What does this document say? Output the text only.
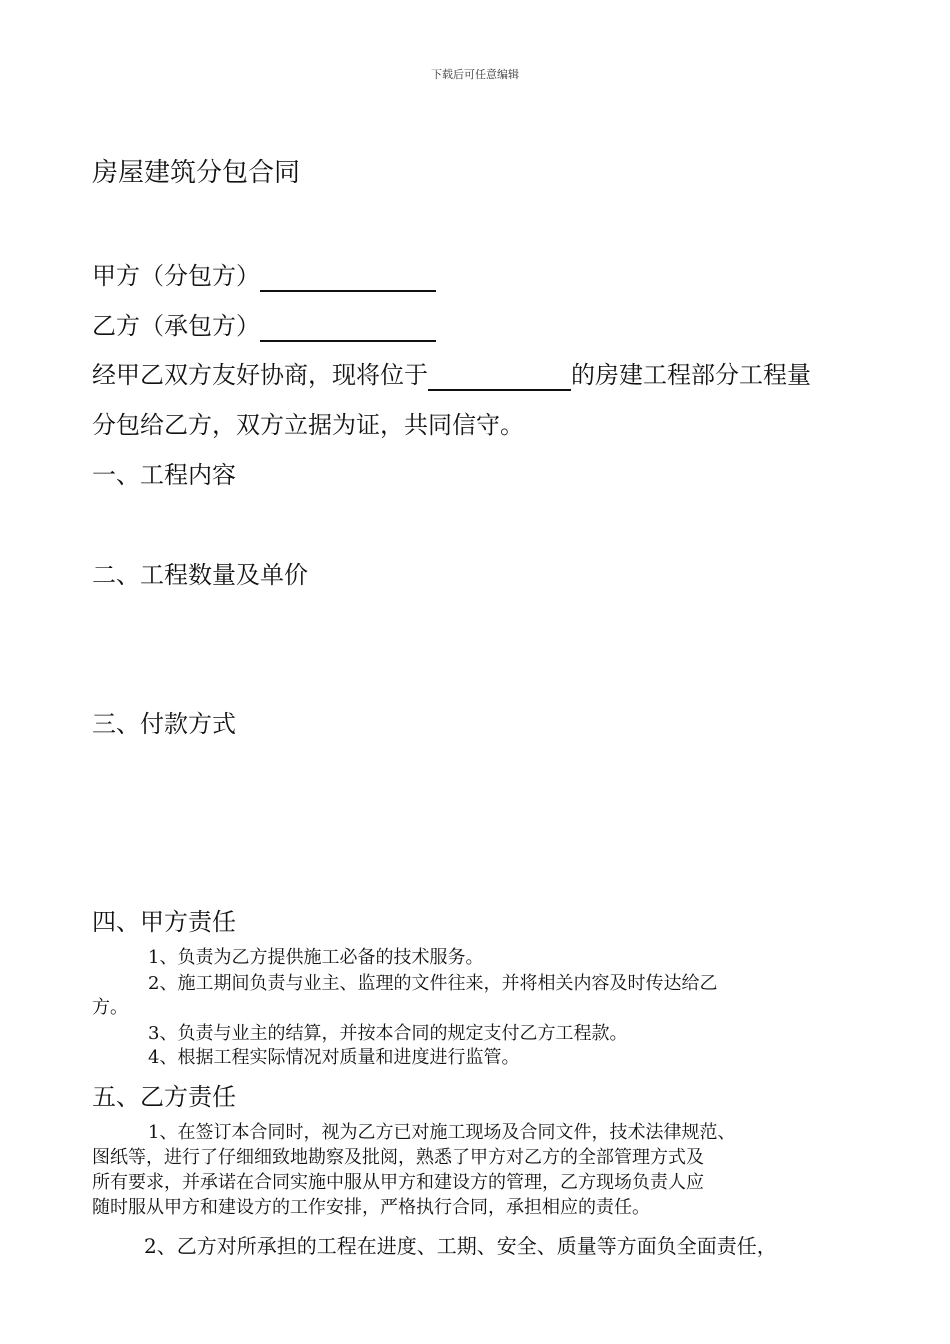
下载后可任意编辑
房屋建筑分包合同
甲方（分包方）
乙方（承包方）
经甲乙双方友好协商，现将位于	的房建工程部分工程量
分包给乙方，双方立据为证，共同信守。
一、工程内容
二、工程数量及单价
三、付款方式
四、甲方责任
1、负责为乙方提供施工必备的技术服务。
2、施工期间负责与业主、监理的文件往来，并将相关内容及时传达给乙
方。
3、负责与业主的结算，并按本合同的规定支付乙方工程款。
4、根据工程实际情况对质量和进度进行监管。
五、乙方责任
1、在签订本合同时，视为乙方已对施工现场及合同文件，技术法律规范、
图纸等，进行了仔细细致地勘察及批阅，熟悉了甲方对乙方的全部管理方式及
所有要求，并承诺在合同实施中服从甲方和建设方的管理，乙方现场负责人应
随时服从甲方和建设方的工作安排，严格执行合同，承担相应的责任。
2、乙方对所承担的工程在进度、工期、安全、质量等方面负全面责任，
